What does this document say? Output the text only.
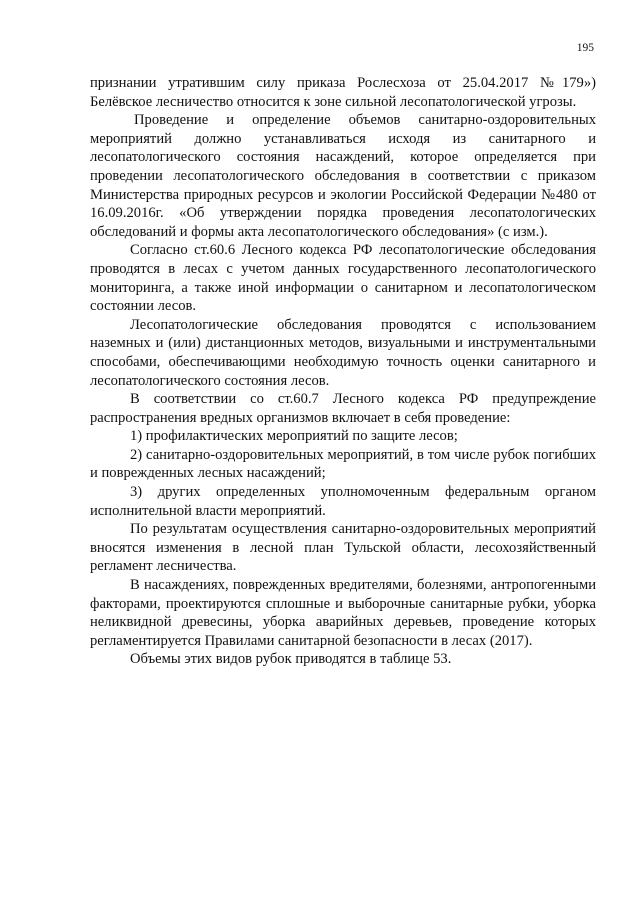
195

признании утратившим силу приказа Рослесхоза от 25.04.2017 №179») Белёвское лесничество относится к зоне сильной лесопатологической угрозы.

Проведение и определение объемов санитарно-оздоровительных мероприятий должно устанавливаться исходя из санитарного и лесопатологического состояния насаждений, которое определяется при проведении лесопатологического обследования в соответствии с приказом Министерства природных ресурсов и экологии Российской Федерации №480 от 16.09.2016г. «Об утверждении порядка проведения лесопатологических обследований и формы акта лесопатологического обследования» (с изм.).

Согласно ст.60.6 Лесного кодекса РФ лесопатологические обследования проводятся в лесах с учетом данных государственного лесопатологического мониторинга, а также иной информации о санитарном и лесопатологическом состоянии лесов.

Лесопатологические обследования проводятся с использованием наземных и (или) дистанционных методов, визуальными и инструментальными способами, обеспечивающими необходимую точность оценки санитарного и лесопатологического состояния лесов.

В соответствии со ст.60.7 Лесного кодекса РФ предупреждение распространения вредных организмов включает в себя проведение:

1) профилактических мероприятий по защите лесов;

2) санитарно-оздоровительных мероприятий, в том числе рубок погибших и поврежденных лесных насаждений;

3) других определенных уполномоченным федеральным органом исполнительной власти мероприятий.

По результатам осуществления санитарно-оздоровительных мероприятий вносятся изменения в лесной план Тульской области, лесохозяйственный регламент лесничества.

В насаждениях, поврежденных вредителями, болезнями, антропогенными факторами, проектируются сплошные и выборочные санитарные рубки, уборка неликвидной древесины, уборка аварийных деревьев, проведение которых регламентируется Правилами санитарной безопасности в лесах (2017).

Объемы этих видов рубок приводятся в таблице 53.
